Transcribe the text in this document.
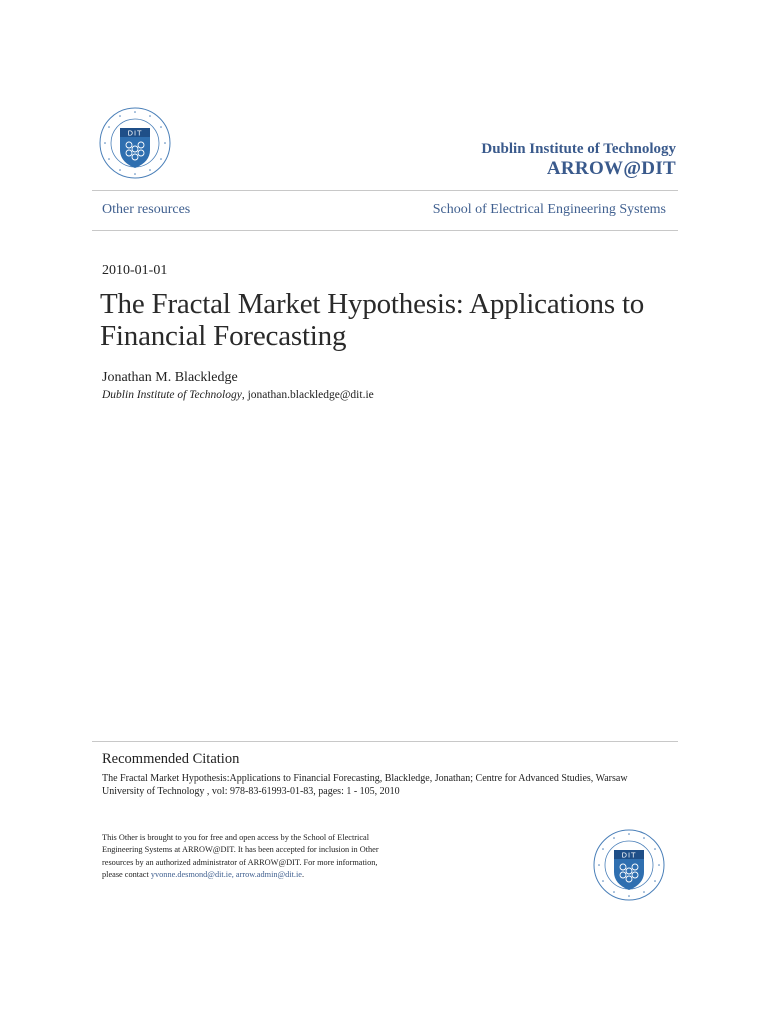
DIT
Dublin Institute of Technology
ARROW@DIT
Other resources	School of Electrical Engineering Systems
2010-01-01
The Fractal Market Hypothesis: Applications to Financial Forecasting
Jonathan M. Blackledge
Dublin Institute of Technology, jonathan.blackledge@dit.ie
Recommended Citation
The Fractal Market Hypothesis:Applications to Financial Forecasting, Blackledge, Jonathan; Centre for Advanced Studies, Warsaw University of Technology , vol: 978-83-61993-01-83, pages: 1 - 105, 2010
This Other is brought to you for free and open access by the School of Electrical Engineering Systems at ARROW@DIT. It has been accepted for inclusion in Other resources by an authorized administrator of ARROW@DIT. For more information, please contact yvonne.desmond@dit.ie, arrow.admin@dit.ie.
DIT
